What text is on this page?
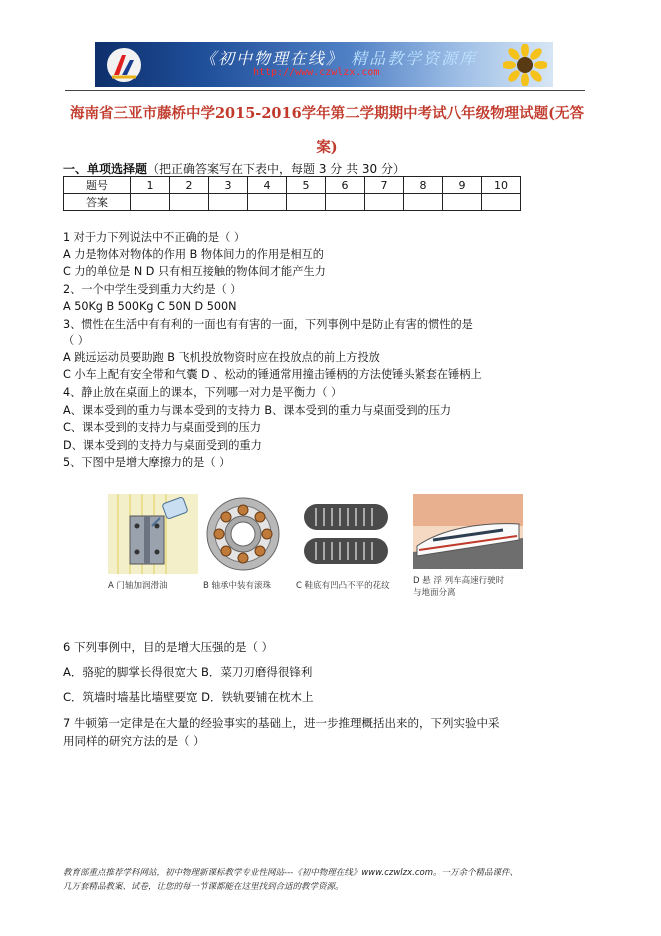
《初中物理在线》 精品教学资源库
http://www.czwlzx.com
海南省三亚市藤桥中学2015-2016学年第二学期期中考试八年级物理试题(无答案)
一、单项选择题（把正确答案写在下表中，每题 3 分 共 30 分）
题号	1	2	3	4	5	6	7	8	9	10
答案										
1 对于力下列说法中不正确的是（ ）
A 力是物体对物体的作用 B 物体间力的作用是相互的
C 力的单位是 N D 只有相互接触的物体间才能产生力
2、一个中学生受到重力大约是（ ）
A 50Kg B 500Kg C 50N D 500N
3、惯性在生活中有有利的一面也有有害的一面，下列事例中是防止有害的惯性的是
（ ）
A 跳远运动员要助跑 B 飞机投放物资时应在投放点的前上方投放
C 小车上配有安全带和气囊 D 、松动的锤通常用撞击锤柄的方法使锤头紧套在锤柄上
4、静止放在桌面上的课本，下列哪一对力是平衡力（ ）
A、课本受到的重力与课本受到的支持力 B、课本受到的重力与桌面受到的压力
C、课本受到的支持力与桌面受到的压力
D、课本受到的支持力与桌面受到的重力
5、下图中是增大摩擦力的是（ ）
A 门轴加润滑油	B 轴承中装有滚珠	C 鞋底有凹凸不平的花纹	D 悬 浮 列车高速行驶时
与地面分离
6 下列事例中，目的是增大压强的是（ ）
A．骆驼的脚掌长得很宽大 B．菜刀刃磨得很锋利
C．筑墙时墙基比墙壁要宽 D．铁轨要铺在枕木上
7 牛顿第一定律是在大量的经验事实的基础上，进一步推理概括出来的，下列实验中采
用同样的研究方法的是（ ）
教育部重点推荐学科网站，初中物理新课标教学专业性网站---《初中物理在线》www.czwlzx.com。一万余个精品课件、
几万套精品教案、试卷，让您的每一节课都能在这里找到合适的教学资源。
